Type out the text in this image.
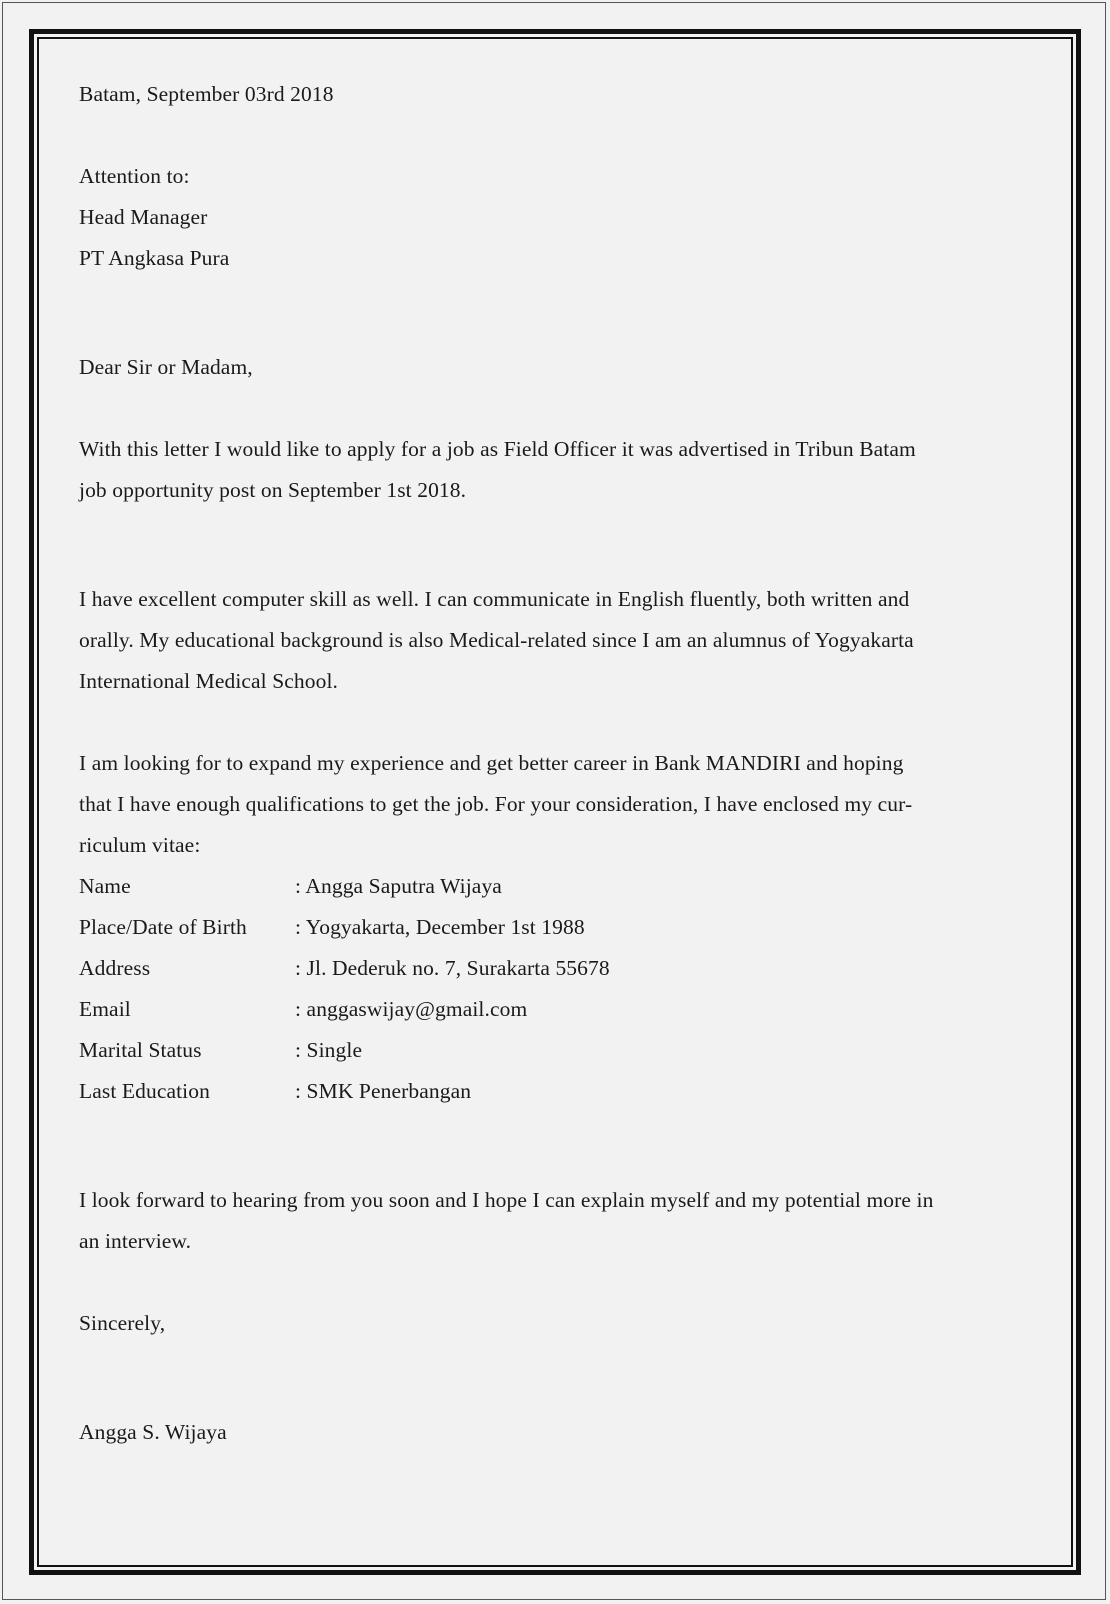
Batam, September 03rd 2018
Attention to:
Head Manager
PT Angkasa Pura
Dear Sir or Madam,
With this letter I would like to apply for a job as Field Officer it was advertised in Tribun Batam
job opportunity post on September 1st 2018.
I have excellent computer skill as well. I can communicate in English fluently, both written and
orally. My educational background is also Medical-related since I am an alumnus of Yogyakarta
International Medical School.
I am looking for to expand my experience and get better career in Bank MANDIRI and hoping
that I have enough qualifications to get the job. For your consideration, I have enclosed my cur-
riculum vitae:
Name	: Angga Saputra Wijaya
Place/Date of Birth	: Yogyakarta, December 1st 1988
Address	: Jl. Dederuk no. 7, Surakarta 55678
Email	: anggaswijay@gmail.com
Marital Status	: Single
Last Education	: SMK Penerbangan
I look forward to hearing from you soon and I hope I can explain myself and my potential more in
an interview.
Sincerely,
Angga S. Wijaya
